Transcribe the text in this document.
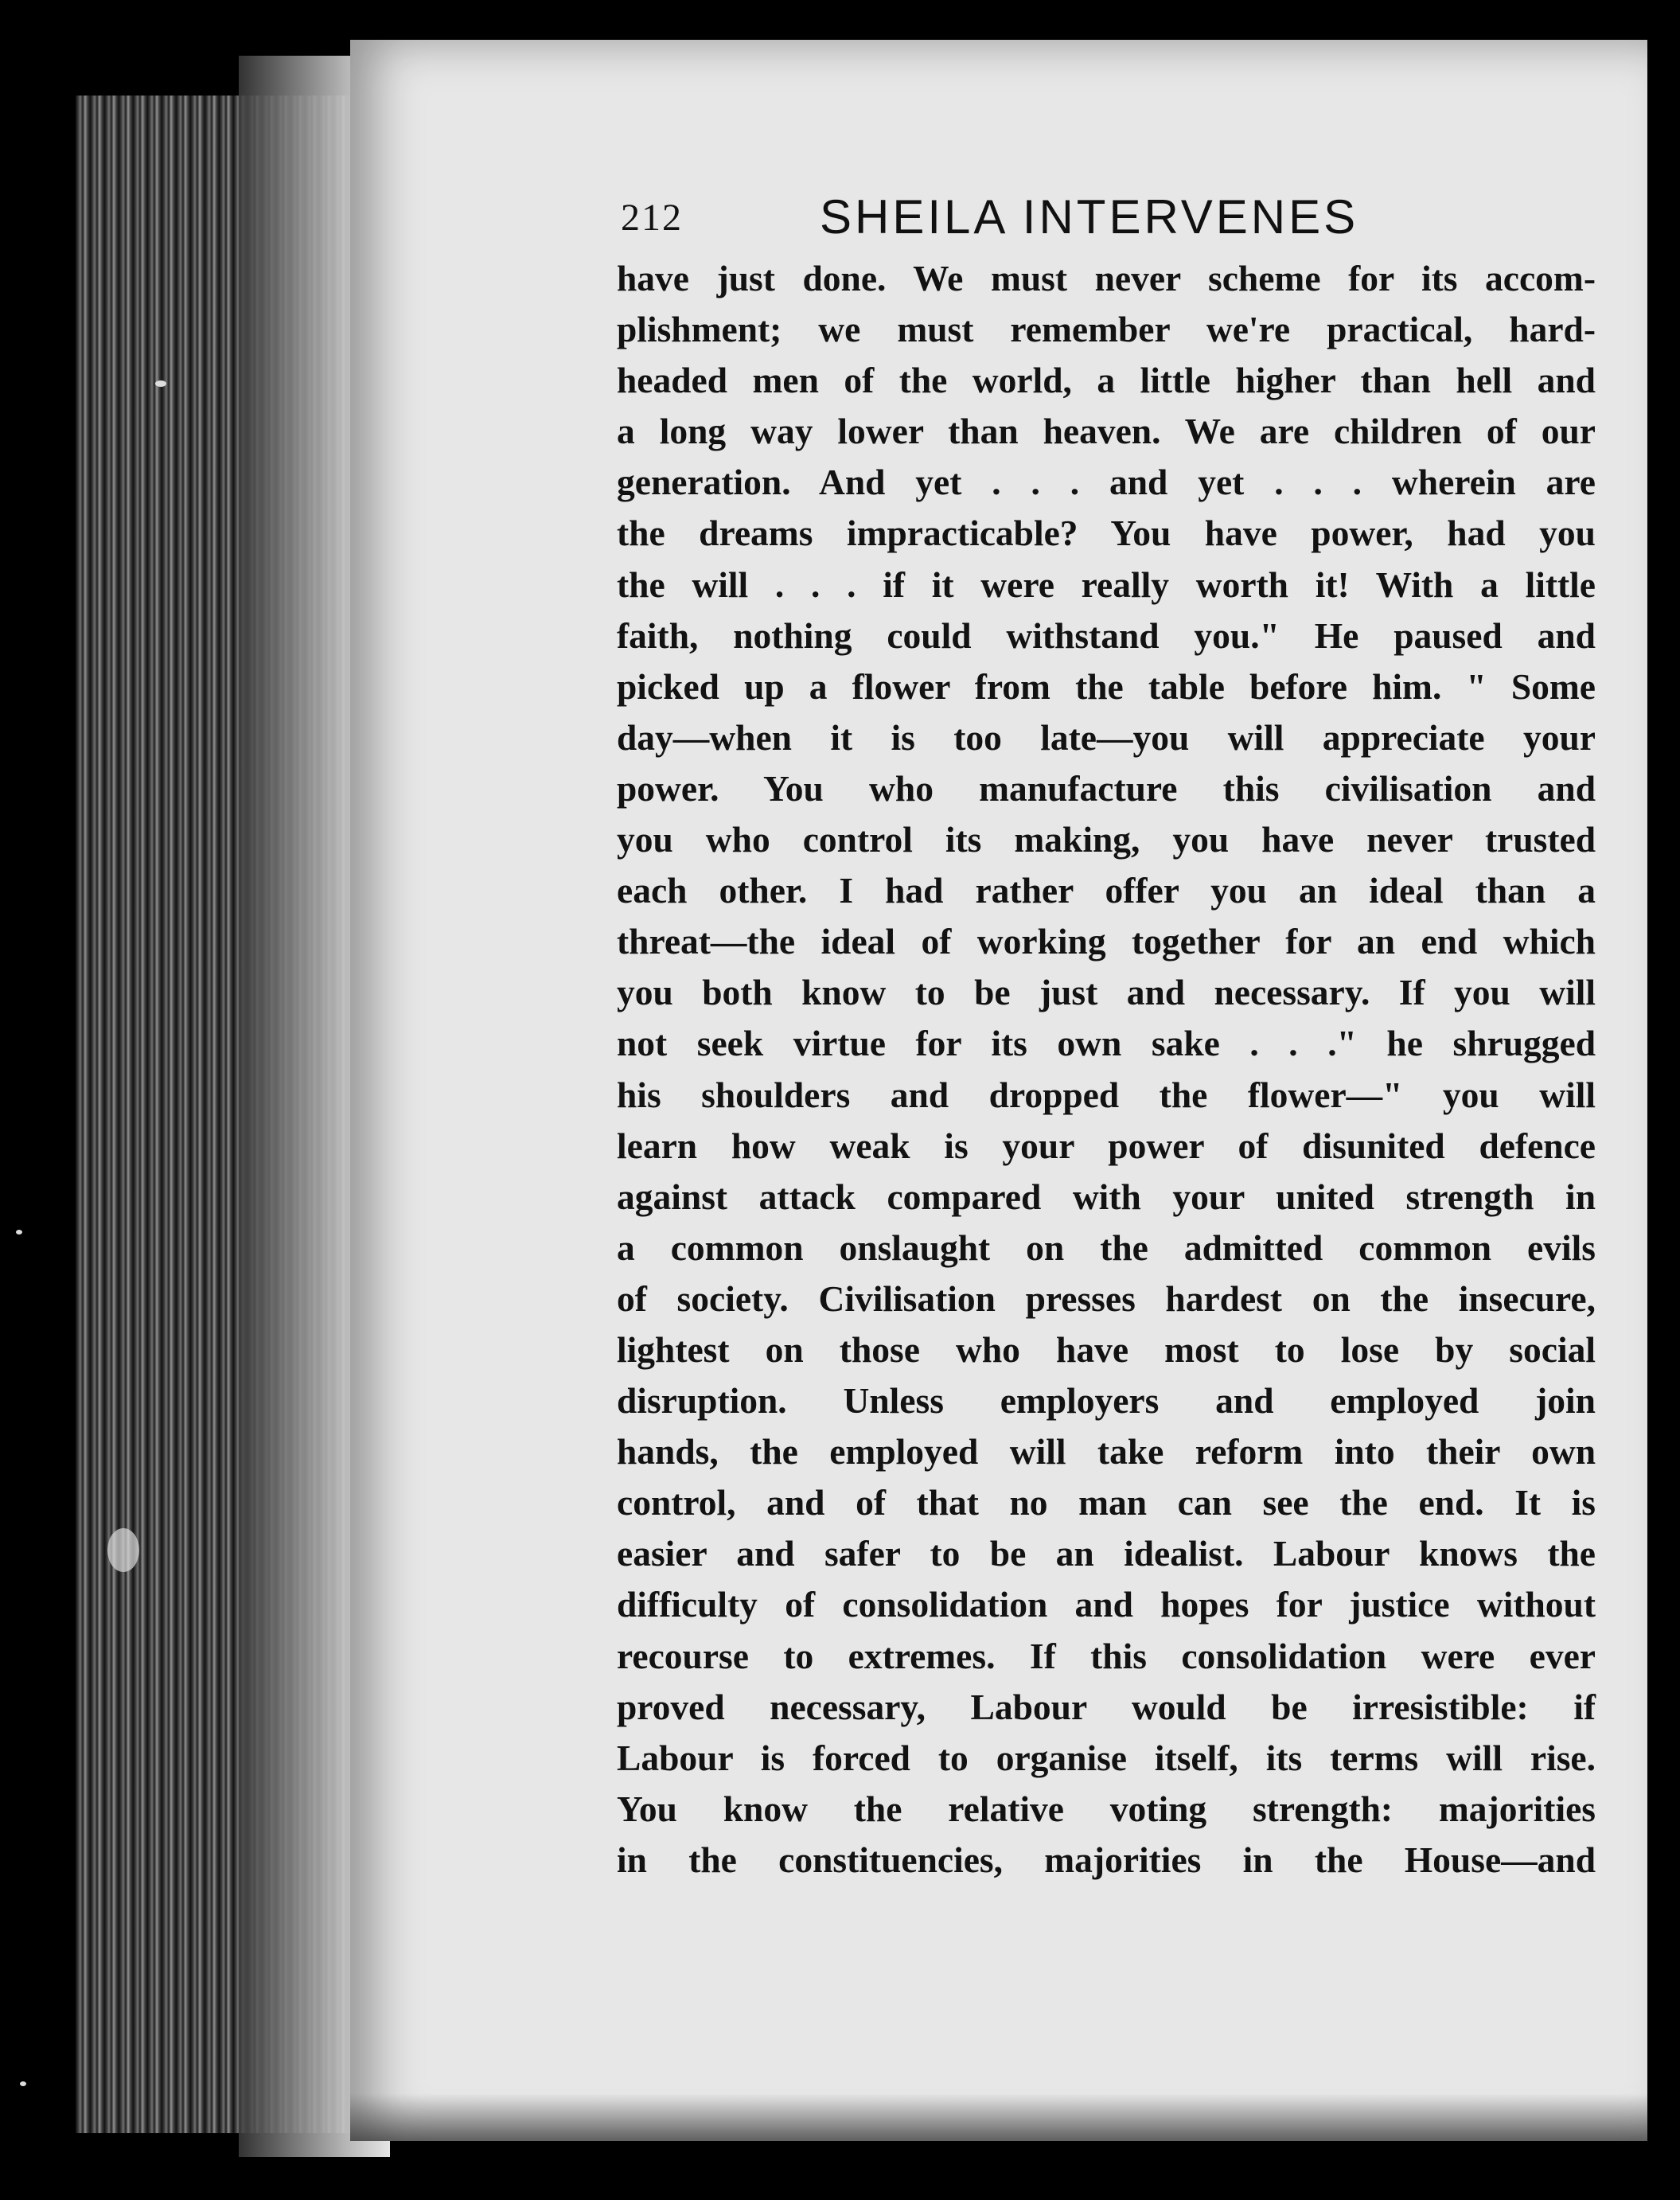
212	SHEILA INTERVENES
have just done. We must never scheme for its accom-
plishment; we must remember we're practical, hard-
headed men of the world, a little higher than hell and
a long way lower than heaven. We are children of our
generation. And yet . . . and yet . . . wherein are
the dreams impracticable? You have power, had you
the will . . . if it were really worth it! With a little
faith, nothing could withstand you." He paused and
picked up a flower from the table before him. " Some
day—when it is too late—you will appreciate your
power. You who manufacture this civilisation and
you who control its making, you have never trusted
each other. I had rather offer you an ideal than a
threat—the ideal of working together for an end which
you both know to be just and necessary. If you will
not seek virtue for its own sake . . ." he shrugged
his shoulders and dropped the flower—" you will
learn how weak is your power of disunited defence
against attack compared with your united strength in
a common onslaught on the admitted common evils
of society. Civilisation presses hardest on the insecure,
lightest on those who have most to lose by social
disruption. Unless employers and employed join
hands, the employed will take reform into their own
control, and of that no man can see the end. It is
easier and safer to be an idealist. Labour knows the
difficulty of consolidation and hopes for justice without
recourse to extremes. If this consolidation were ever
proved necessary, Labour would be irresistible: if
Labour is forced to organise itself, its terms will rise.
You know the relative voting strength: majorities
in the constituencies, majorities in the House—and
